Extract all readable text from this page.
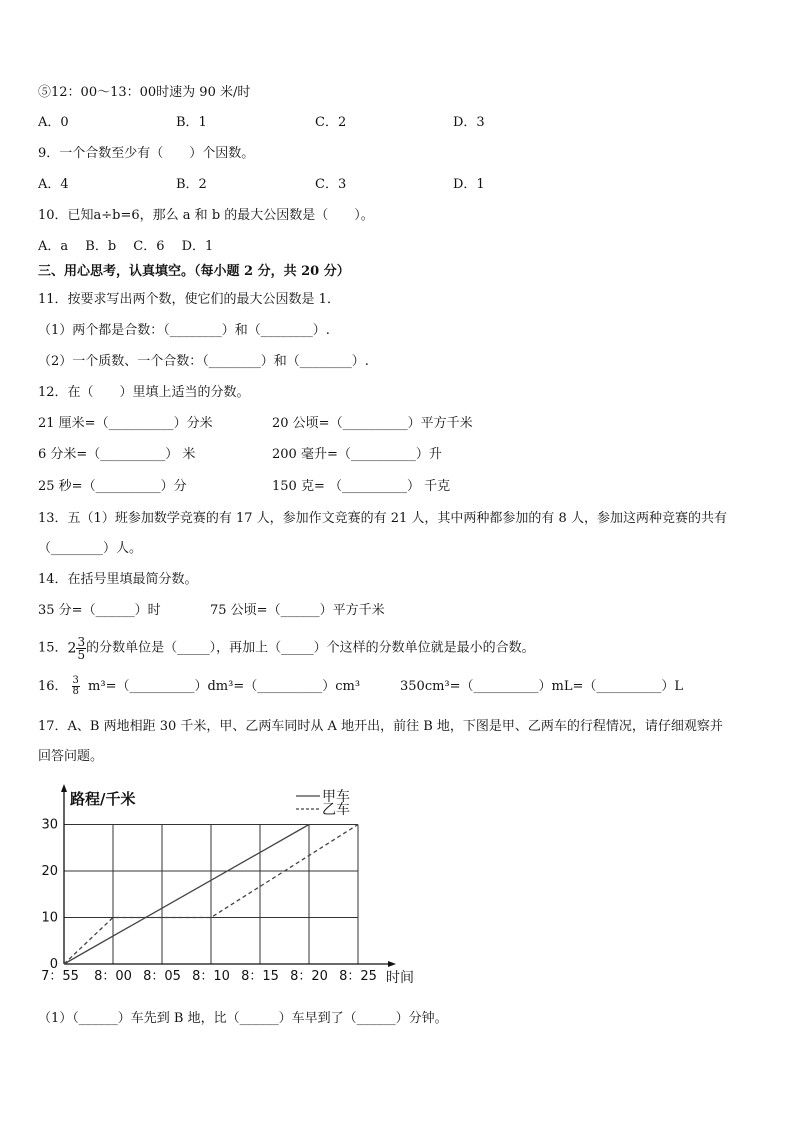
⑤12：00～13：00时速为 90 米/时
A．0	B．1	C．2	D．3
9．一个合数至少有（　　）个因数。
A．4	B．2	C．3	D．1
10．已知a÷b=6，那么 a 和 b 的最大公因数是（　　）。
A．a　 B．b　 C．6　 D．1
三、用心思考，认真填空。（每小题 2 分，共 20 分）
11．按要求写出两个数，使它们的最大公因数是 1．
（1）两个都是合数：（________）和（________）.
（2）一个质数、一个合数：（________）和（________）.
12．在（　　）里填上适当的分数。
21 厘米=（__________）分米	20 公顷=（__________）平方千米
6 分米=（__________） 米	200 毫升=（__________）升
25 秒=（__________）分	150 克= （__________） 千克
13．五（1）班参加数学竞赛的有 17 人，参加作文竞赛的有 21 人，其中两种都参加的有 8 人，参加这两种竞赛的共有
（________）人。
14．在括号里填最简分数。
35 分=（______）时	75 公顷=（______）平方千米
15．$2 \frac{3}{5}$ 的分数单位是（_____），再加上（_____）个这样的分数单位就是最小的合数。
16． $\frac{3}{8}$ m³=（__________）dm³=（__________）cm³	350cm³=（__________）mL=（__________）L
17．A、B 两地相距 30 千米，甲、乙两车同时从 A 地开出，前往 B 地，下图是甲、乙两车的行程情况，请仔细观察并
回答问题。
7：55 8：00 8：05 8：10 8：15 8：20 8：25
0
10
20
30
路程/千米
时间
甲车
乙车
（1）（______）车先到 B 地，比（______）车早到了（______）分钟。
